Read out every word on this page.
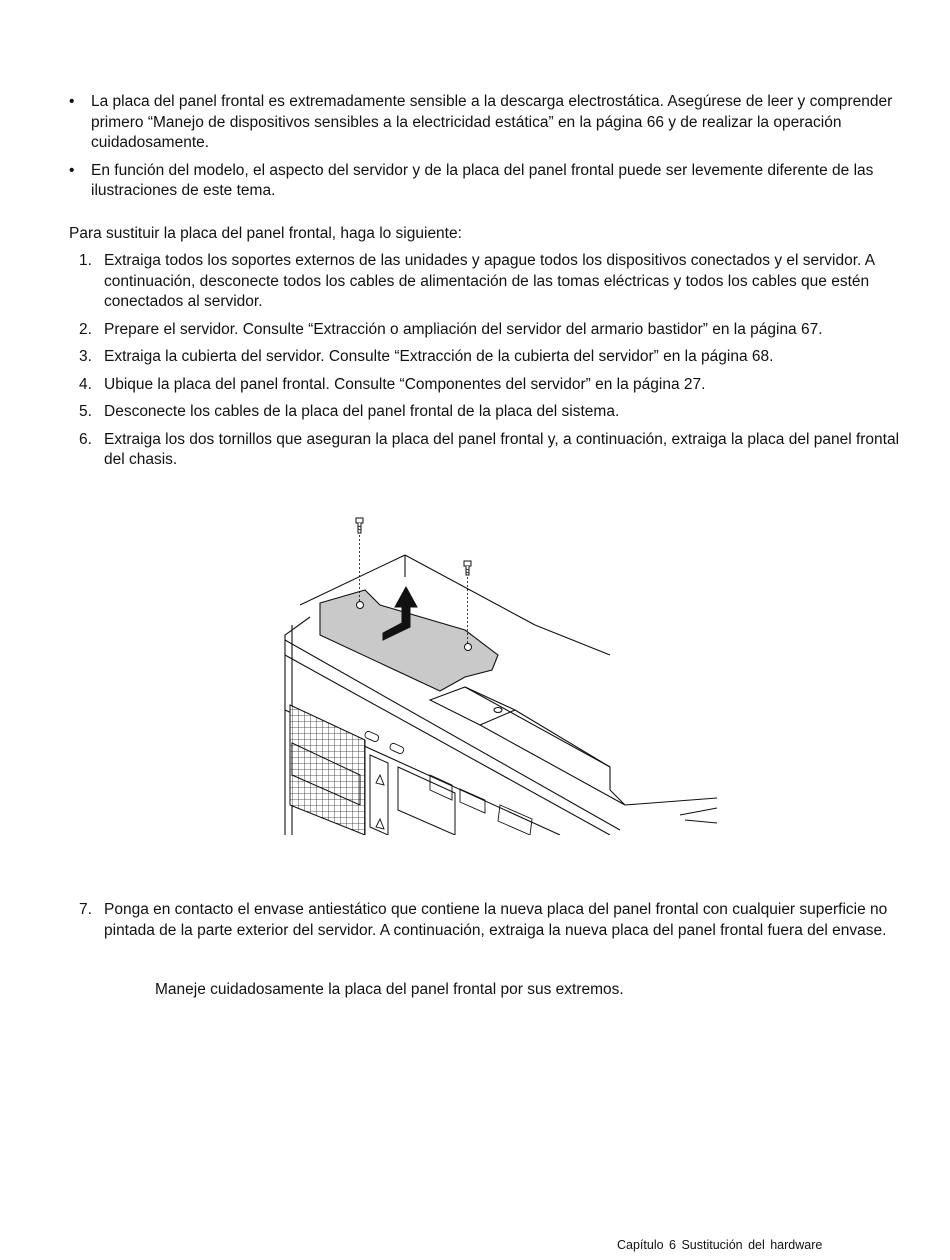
• La placa del panel frontal es extremadamente sensible a la descarga electrostática. Asegúrese de leer y comprender primero “Manejo de dispositivos sensibles a la electricidad estática” en la página 66 y de realizar la operación cuidadosamente.
• En función del modelo, el aspecto del servidor y de la placa del panel frontal puede ser levemente diferente de las ilustraciones de este tema.
Para sustituir la placa del panel frontal, haga lo siguiente:
1. Extraiga todos los soportes externos de las unidades y apague todos los dispositivos conectados y el servidor. A continuación, desconecte todos los cables de alimentación de las tomas eléctricas y todos los cables que estén conectados al servidor.
2. Prepare el servidor. Consulte “Extracción o ampliación del servidor del armario bastidor” en la página 67.
3. Extraiga la cubierta del servidor. Consulte “Extracción de la cubierta del servidor” en la página 68.
4. Ubique la placa del panel frontal. Consulte “Componentes del servidor” en la página 27.
5. Desconecte los cables de la placa del panel frontal de la placa del sistema.
6. Extraiga los dos tornillos que aseguran la placa del panel frontal y, a continuación, extraiga la placa del panel frontal del chasis.
7. Ponga en contacto el envase antiestático que contiene la nueva placa del panel frontal con cualquier superficie no pintada de la parte exterior del servidor. A continuación, extraiga la nueva placa del panel frontal fuera del envase.
Maneje cuidadosamente la placa del panel frontal por sus extremos.
Capítulo 6 Sustitución del hardware
